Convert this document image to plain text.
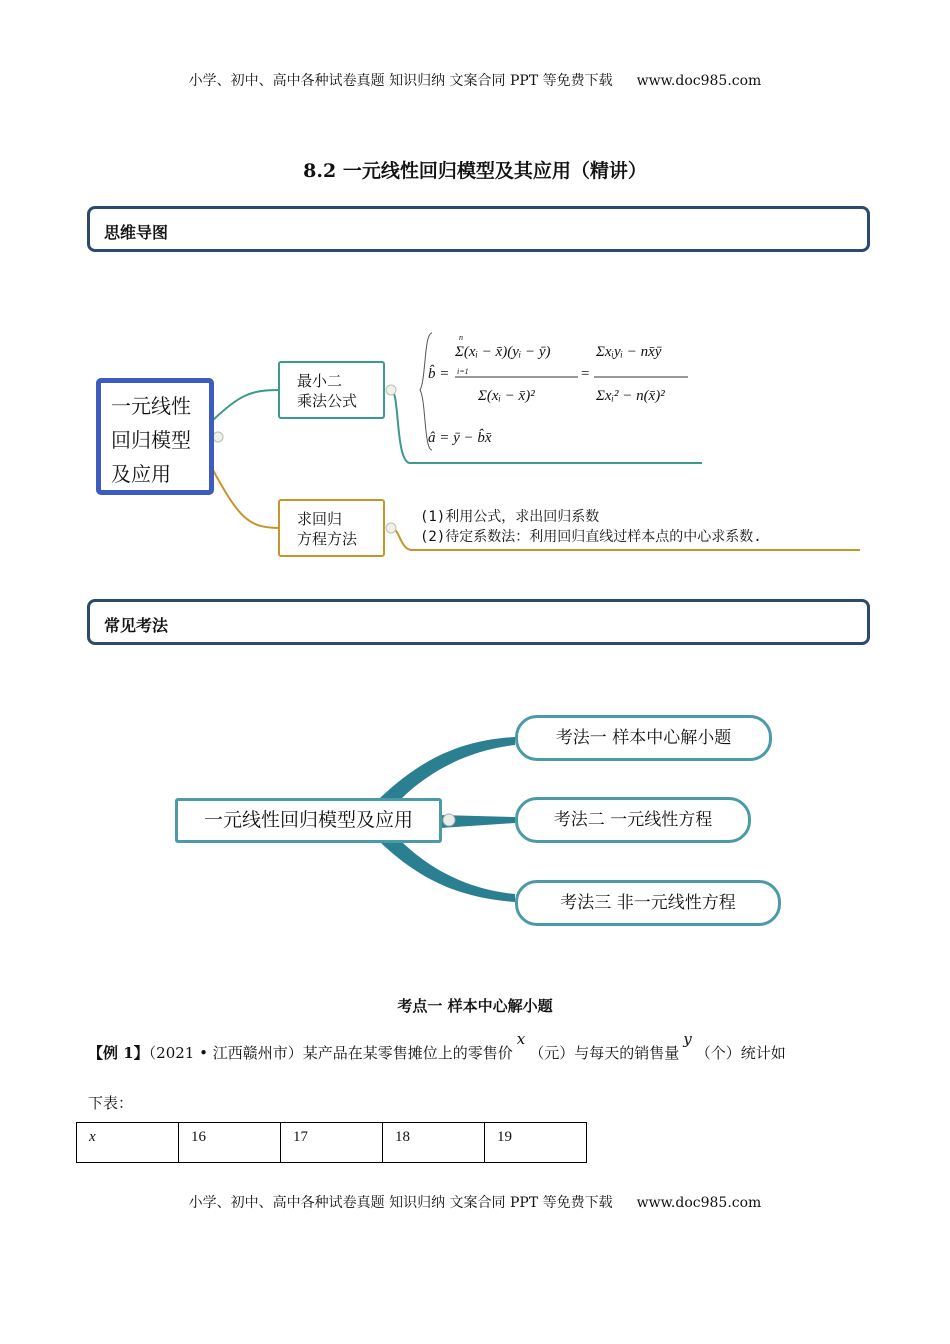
小学、初中、高中各种试卷真题 知识归纳 文案合同 PPT 等免费下载 www.doc985.com
8.2 一元线性回归模型及其应用（精讲）
思维导图
一元线性
回归模型
及应用
最小二
乘法公式
求回归
方程方法
b̂ =
Σ(xᵢ − x̄)(yᵢ − ȳ)
Σ(xᵢ − x̄)²
=
Σxᵢyᵢ − nx̄ȳ
Σxᵢ² − n(x̄)²
n
i=1
â = ȳ − b̂x̄
(1)利用公式，求出回归系数
(2)待定系数法：利用回归直线过样本点的中心求系数.
常见考法
一元线性回归模型及应用
考法一 样本中心解小题
考法二 一元线性方程
考法三 非一元线性方程
考点一 样本中心解小题
【例 1】（2021 • 江西赣州市）某产品在某零售摊位上的零售价x（元）与每天的销售量y（个）统计如
下表：
x	16	17	18	19
小学、初中、高中各种试卷真题 知识归纳 文案合同 PPT 等免费下载 www.doc985.com
